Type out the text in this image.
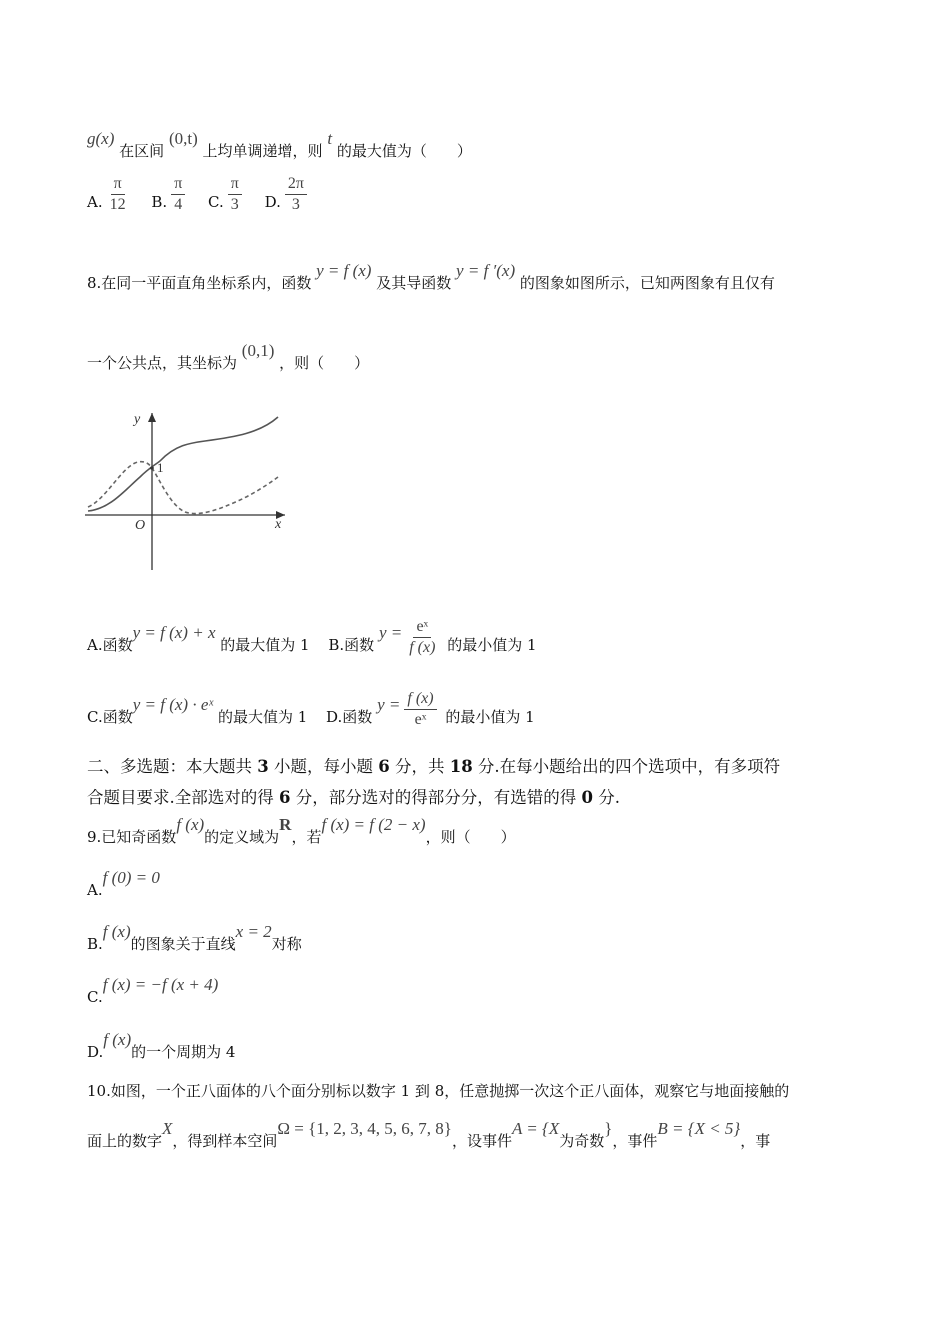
g(x) 在区间 (0,t) 上均单调递增，则 t 的最大值为（　　）
A. $\frac{\pi}{12} B$. $\frac{\pi}{4} C$. $\frac{\pi}{3} D$. $\frac{2\pi}{3}$
8.在同一平面直角坐标系内，函数 y = f (x) 及其导函数 y = f ′(x) 的图象如图所示，已知两图象有且仅有
一个公共点，其坐标为 (0,1) ，则（　　）
y
x
O
1
A.函数y = f (x) + x 的最大值为 1 B.函数 $y = \frac{\text{eˣ}}{f (x)}$ 的最小值为 1
C.函数y = f (x) · eˣ 的最大值为 1 D.函数 $y = \frac{f (x)}{\text{eˣ}}$ 的最小值为 1
二、多选题：本大题共 3 小题，每小题 6 分，共 18 分.在每小题给出的四个选项中，有多项符
合题目要求.全部选对的得 6 分，部分选对的得部分分，有选错的得 0 分.
9.已知奇函数f (x)的定义域为R，若f (x) = f (2 − x)，则（　　）
A.f (0) = 0
B.f (x)的图象关于直线x = 2对称
C.f (x) = −f (x + 4)
D.f (x)的一个周期为 4
10.如图，一个正八面体的八个面分别标以数字 1 到 8，任意抛掷一次这个正八面体，观察它与地面接触的
面上的数字X，得到样本空间Ω = {1, 2, 3, 4, 5, 6, 7, 8}，设事件A = {X为奇数}，事件B = {X < 5}，事
